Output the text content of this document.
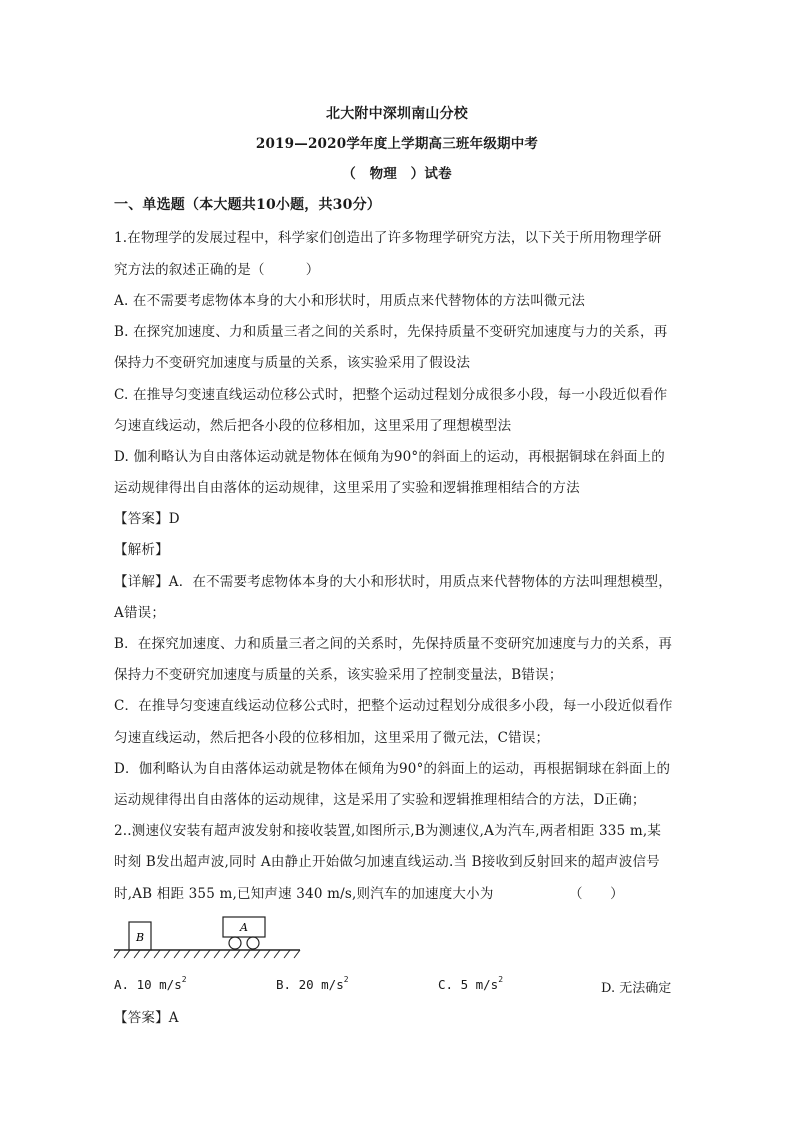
北大附中深圳南山分校
2019—2020学年度上学期高三班年级期中考
（　物理　）试卷
一、单选题（本大题共10小题，共30分）
1.在物理学的发展过程中，科学家们创造出了许多物理学研究方法，以下关于所用物理学研
究方法的叙述正确的是（　　　）
A. 在不需要考虑物体本身的大小和形状时，用质点来代替物体的方法叫微元法
B. 在探究加速度、力和质量三者之间的关系时，先保持质量不变研究加速度与力的关系，再
保持力不变研究加速度与质量的关系，该实验采用了假设法
C. 在推导匀变速直线运动位移公式时，把整个运动过程划分成很多小段，每一小段近似看作
匀速直线运动，然后把各小段的位移相加，这里采用了理想模型法
D. 伽利略认为自由落体运动就是物体在倾角为90°的斜面上的运动，再根据铜球在斜面上的
运动规律得出自由落体的运动规律，这里采用了实验和逻辑推理相结合的方法
【答案】D
【解析】
【详解】A．在不需要考虑物体本身的大小和形状时，用质点来代替物体的方法叫理想模型，
A错误；
B．在探究加速度、力和质量三者之间的关系时，先保持质量不变研究加速度与力的关系，再
保持力不变研究加速度与质量的关系，该实验采用了控制变量法，B错误；
C．在推导匀变速直线运动位移公式时，把整个运动过程划分成很多小段，每一小段近似看作
匀速直线运动，然后把各小段的位移相加，这里采用了微元法，C错误；
D．伽利略认为自由落体运动就是物体在倾角为90°的斜面上的运动，再根据铜球在斜面上的
运动规律得出自由落体的运动规律，这是采用了实验和逻辑推理相结合的方法，D正确；
2..测速仪安装有超声波发射和接收装置,如图所示,B为测速仪,A为汽车,两者相距 335 m,某
时刻 B发出超声波,同时 A由静止开始做匀加速直线运动.当 B接收到反射回来的超声波信号
时,AB 相距 355 m,已知声速 340 m/s,则汽车的加速度大小为　　　　　　（　　）
B
A
A. 10 $m/s^2$	B. 20 $m/s^2$	C. 5 $m/s^2$
D. 无法确定
【答案】A
